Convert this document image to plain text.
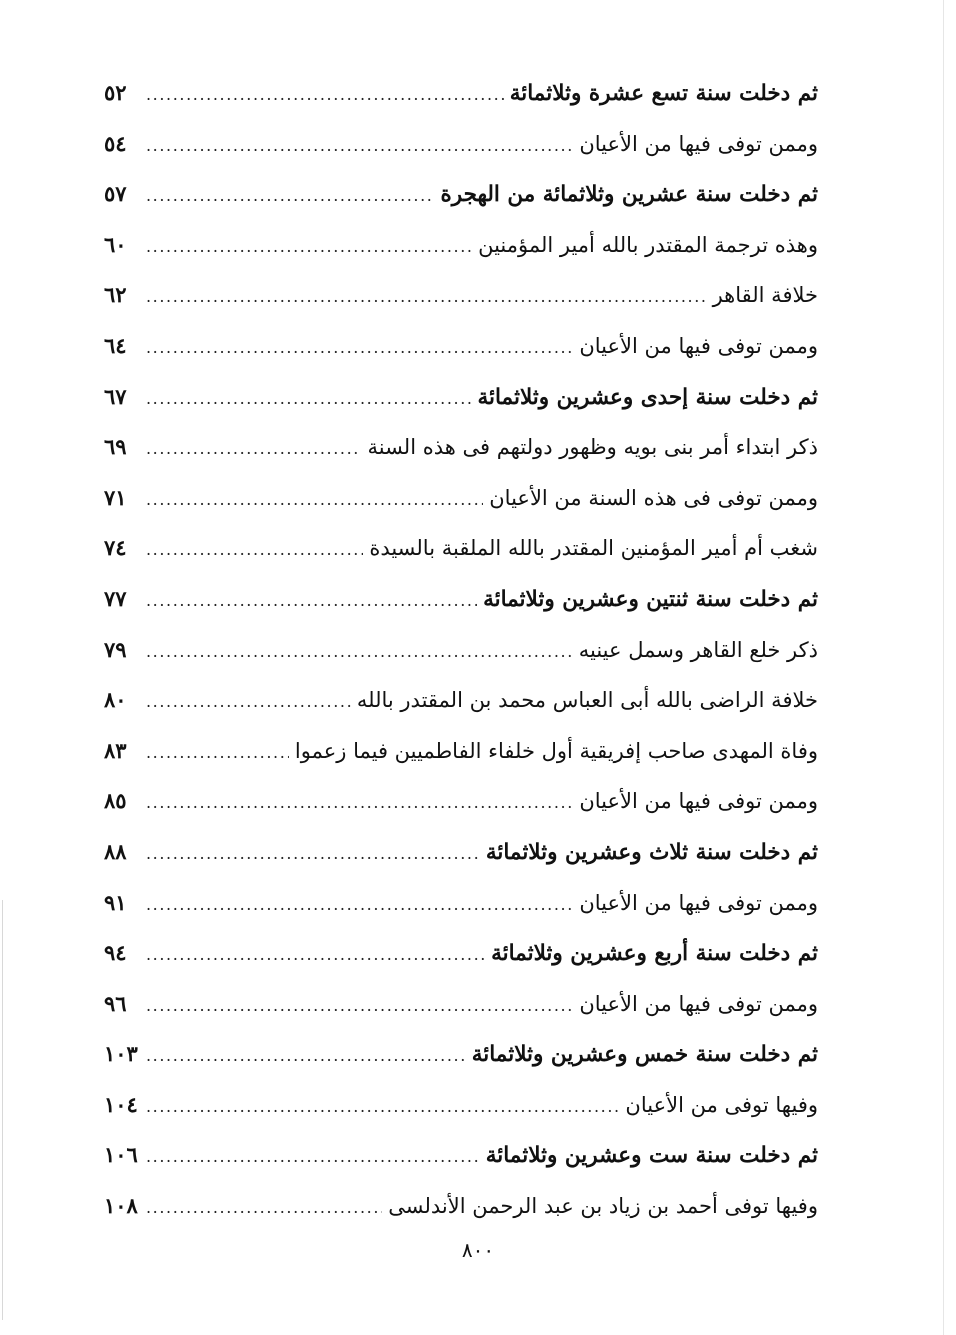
ثم دخلت سنة تسع عشرة وثلاثمائة
.....
٥٢
وممن توفى فيها من الأعيان
.....
٥٤
ثم دخلت سنة عشرين وثلاثمائة من الهجرة
.....
٥٧
وهذه ترجمة المقتدر بالله أمير المؤمنين
.....
٦٠
خلافة القاهر
.....
٦٢
وممن توفى فيها من الأعيان
.....
٦٤
ثم دخلت سنة إحدى وعشرين وثلاثمائة
.....
٦٧
ذكر ابتداء أمر بنى بويه وظهور دولتهم فى هذه السنة
.....
٦٩
وممن توفى فى هذه السنة من الأعيان
.....
٧١
شغب أم أمير المؤمنين المقتدر بالله الملقبة بالسيدة
.....
٧٤
ثم دخلت سنة ثنتين وعشرين وثلاثمائة
.....
٧٧
ذكر خلع القاهر وسمل عينيه
.....
٧٩
خلافة الراضى بالله أبى العباس محمد بن المقتدر بالله
.....
٨٠
وفاة المهدى صاحب إفريقية أول خلفاء الفاطميين فيما زعموا
.....
٨٣
وممن توفى فيها من الأعيان
.....
٨٥
ثم دخلت سنة ثلاث وعشرين وثلاثمائة
.....
٨٨
وممن توفى فيها من الأعيان
.....
٩١
ثم دخلت سنة أربع وعشرين وثلاثمائة
.....
٩٤
وممن توفى فيها من الأعيان
.....
٩٦
ثم دخلت سنة خمس وعشرين وثلاثمائة
.....
١٠٣
وفيها توفى من الأعيان
.....
١٠٤
ثم دخلت سنة ست وعشرين وثلاثمائة
.....
١٠٦
وفيها توفى أحمد بن زياد بن عبد الرحمن الأندلسى
.....
١٠٨
٨٠٠
